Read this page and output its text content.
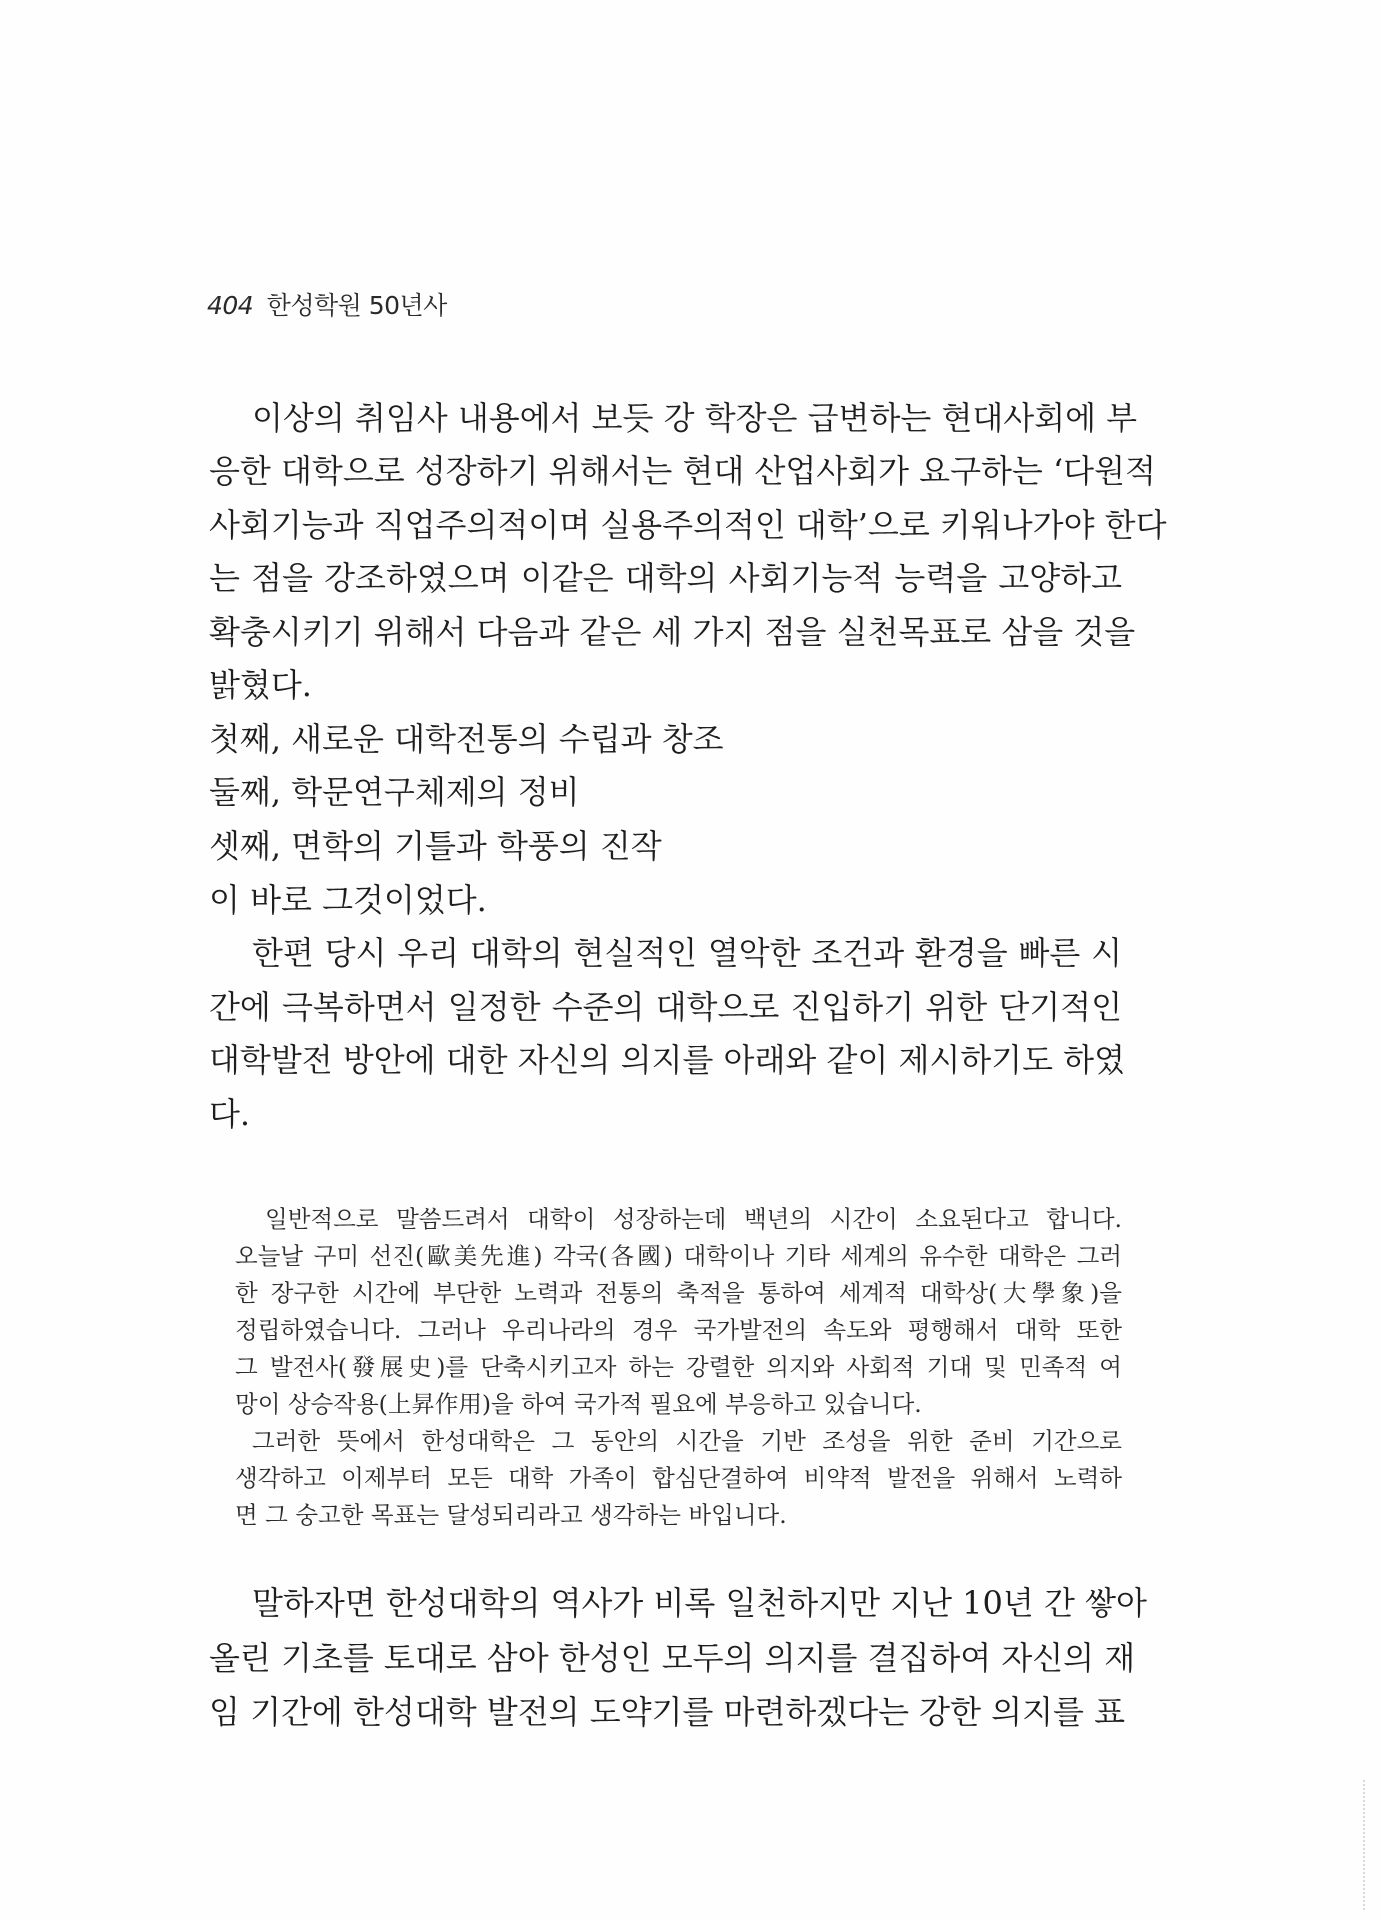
404 한성학원 50년사
이상의 취임사 내용에서 보듯 강 학장은 급변하는 현대사회에 부
응한 대학으로 성장하기 위해서는 현대 산업사회가 요구하는 ‘다원적
사회기능과 직업주의적이며 실용주의적인 대학’으로 키워나가야 한다
는 점을 강조하였으며 이같은 대학의 사회기능적 능력을 고양하고
확충시키기 위해서 다음과 같은 세 가지 점을 실천목표로 삼을 것을
밝혔다.
첫째, 새로운 대학전통의 수립과 창조
둘째, 학문연구체제의 정비
셋째, 면학의 기틀과 학풍의 진작
이 바로 그것이었다.
한편 당시 우리 대학의 현실적인 열악한 조건과 환경을 빠른 시
간에 극복하면서 일정한 수준의 대학으로 진입하기 위한 단기적인
대학발전 방안에 대한 자신의 의지를 아래와 같이 제시하기도 하였
다.
일반적으로 말씀드려서 대학이 성장하는데 백년의 시간이 소요된다고 합니다.
오늘날 구미 선진(歐美先進) 각국(各國) 대학이나 기타 세계의 유수한 대학은 그러
한 장구한 시간에 부단한 노력과 전통의 축적을 통하여 세계적 대학상(大學象)을
정립하였습니다. 그러나 우리나라의 경우 국가발전의 속도와 평행해서 대학 또한
그 발전사(發展史)를 단축시키고자 하는 강렬한 의지와 사회적 기대 및 민족적 여
망이 상승작용(上昇作用)을 하여 국가적 필요에 부응하고 있습니다.
그러한 뜻에서 한성대학은 그 동안의 시간을 기반 조성을 위한 준비 기간으로
생각하고 이제부터 모든 대학 가족이 합심단결하여 비약적 발전을 위해서 노력하
면 그 숭고한 목표는 달성되리라고 생각하는 바입니다.
말하자면 한성대학의 역사가 비록 일천하지만 지난 10년 간 쌓아
올린 기초를 토대로 삼아 한성인 모두의 의지를 결집하여 자신의 재
임 기간에 한성대학 발전의 도약기를 마련하겠다는 강한 의지를 표
